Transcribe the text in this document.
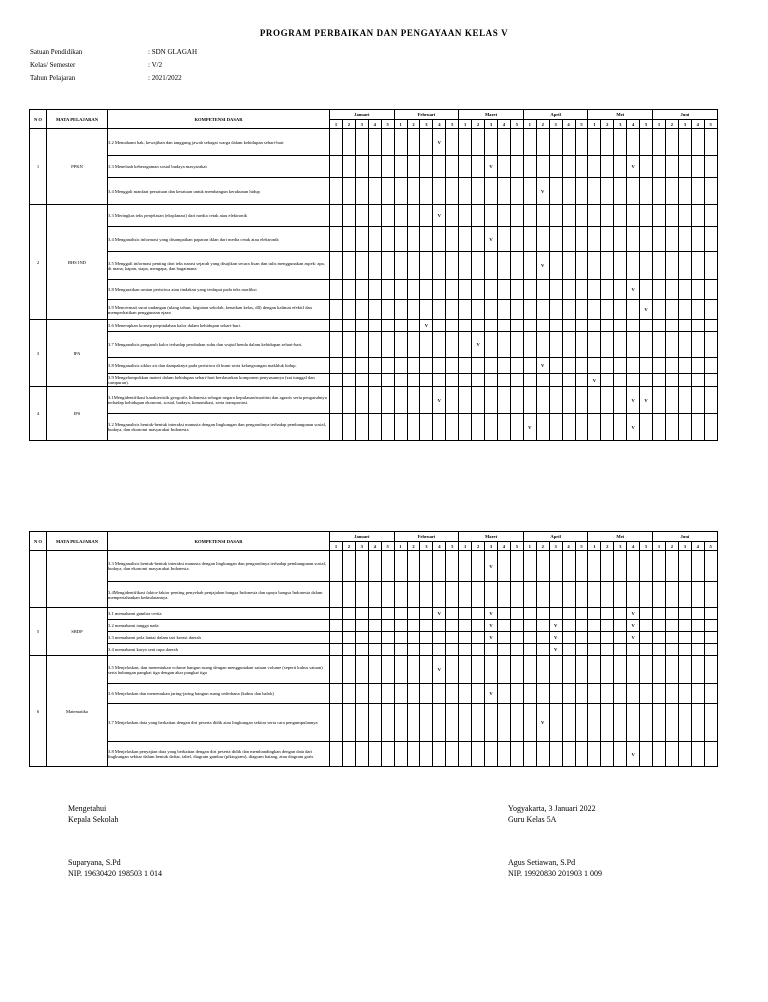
PROGRAM PERBAIKAN DAN PENGAYAAN KELAS V
Satuan Pendidikan	: SDN GLAGAH
Kelas/ Semester	: V/2
Tahun Pelajaran	: 2021/2022
N O	MATA PELAJARAN	KOMPETENSI DASAR	Januari					Februari					Maret					April					Mei					Juni				
			1	2	3	4	5	1	2	3	4	5	1	2	3	4	5	1	2	3	4	5	1	2	3	4	5	1	2	3	4	5
1	PPKN	3.2 Memahami hak, kewajiban dan tanggung jawab sebagai warga dalam kehidupan sehari-hari									V																					
		3.3 Menelaah keberagaman sosial budaya masyarakat													V											V						
		3.4 Menggali manfaat persatuan dan kesatuan untuk membangun kerukunan hidup																	V													
2	BHS IND	3.3 Meringkas teks penjelasan (eksplanasi) dari media cetak atau elektronik									V																					
		3.4 Menganalisis informasi yang disampaikan paparan iklan dari media cetak atau elektronik													V																	
		3.5 Menggali informasi penting dari teks narasi sejarah yang disajikan secara lisan dan tulis menggunakan aspek: apa, di mana, kapan, siapa, mengapa, dan bagaimana																	V													
		3.8 Menguraikan urutan peristiwa atau tindakan yang terdapat pada teks nonfiksi																								V						
		3.9 Mencermati surat undangan (ulang tahun, kegiatan sekolah, kenaikan kelas, dll) dengan kalimat efektif dan memperhatikan penggunaan ejaan																									V					
3	IPA	3.6 Menerapkan konsep perpindahan kalor dalam kehidupan sehari-hari.								V																						
		3.7 Menganalisis pengaruh kalor terhadap perubahan suhu dan wujud benda dalam kehidupan sehari-hari.												V																		
		3.8 Menganalisis siklus air dan dampaknya pada peristiwa di bumi serta kelangsungan makhluk hidup.																	V													
		3.9 Mengelompokkan materi dalam kehidupan sehari-hari berdasarkan komponen penyusunnya (zat tunggal dan campuran).																					V									
4	IPS	3.1Mengidentifikasi karakteristik geografis Indonesia sebagai negara kepulauan/maritim dan agraris serta pengaruhnya terhadap kehidupan ekonomi, sosial, budaya, komunikasi, serta transportasi.									V															V	V					
		3.2 Menganalisis bentuk-bentuk interaksi manusia dengan lingkungan dan pengaruhnya terhadap pembangunan sosial, budaya, dan ekonomi masyarakat Indonesia																V								V						
N O	MATA PELAJARAN	KOMPETENSI DASAR	Januari					Februari					Maret					April					Mei					Juni				
			1	2	3	4	5	1	2	3	4	5	1	2	3	4	5	1	2	3	4	5	1	2	3	4	5	1	2	3	4	5
		3.3 Menganalisis bentuk-bentuk interaksi manusia dengan lingkungan dan pengaruhnya terhadap pembangunan sosial, budaya, dan ekonomi masyarakat Indonesia.													V																	
		3.4Mengidentifikasi faktor-faktor penting penyebab penjajahan bangsa Indonesia dan upaya bangsa Indonesia dalam mempertahankan kedaulatannya.																														
5	SBDP	3.1 memahami gambar cerita									V				V											V						
		3.2 memahami tangga nada													V					V						V						
		3.3 memahami pola lantai dalam tari kreasi daerah													V					V						V						
		3.4 memahami karya seni rupa daerah																		V												
6	Matematika	3.5 Menjelaskan, dan menentukan volume bangun ruang dengan menggunakan satuan volume (seperti kubus satuan) serta hubungan pangkat tiga dengan akar pangkat tiga									V																					
		3.6 Menjelaskan dan menemukan jaring-jaring bangun ruang sederhana (kubus dan balok)													V																	
		3.7 Menjelaskan data yang berkaitan dengan diri peserta didik atau lingkungan sekitar serta cara pengumpulannya																	V													
		3.8 Menjelaskan penyajian data yang berkaitan dengan diri peserta didik dan membandingkan dengan data dari lingkungan sekitar dalam bentuk daftar, tabel, diagram gambar (piktogram), diagram batang, atau diagram garis																								V						
Mengetahui
Kepala Sekolah
Suparyana, S.Pd
NIP. 19630420 198503 1 014
Yogyakarta, 3 Januari 2022
Guru Kelas 5A
Agus Setiawan, S.Pd
NIP. 19920830 201903 1 009
